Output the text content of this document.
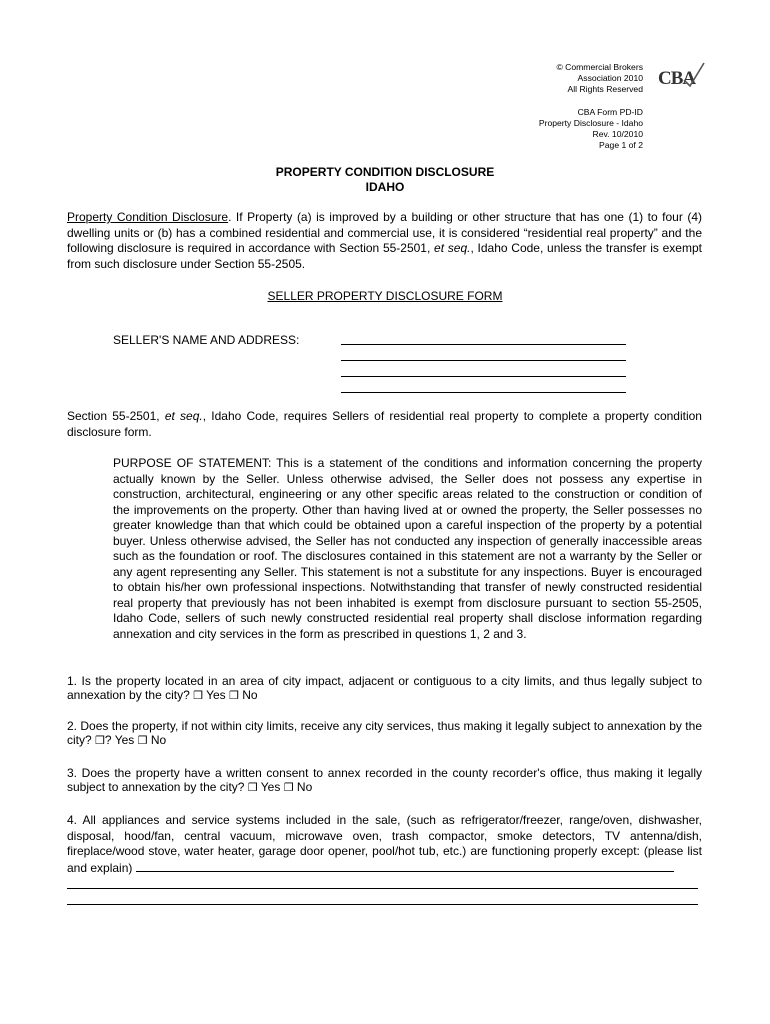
© Commercial Brokers
Association 2010
All Rights Reserved CBA
CBA Form PD-ID
Property Disclosure - Idaho
Rev. 10/2010
Page 1 of 2
PROPERTY CONDITION DISCLOSURE
IDAHO
Property Condition Disclosure. If Property (a) is improved by a building or other structure that has one (1) to four (4) dwelling units or (b) has a combined residential and commercial use, it is considered “residential real property” and the following disclosure is required in accordance with Section 55-2501, et seq., Idaho Code, unless the transfer is exempt from such disclosure under Section 55-2505.
SELLER PROPERTY DISCLOSURE FORM
SELLER'S NAME AND ADDRESS:
Section 55-2501, et seq., Idaho Code, requires Sellers of residential real property to complete a property condition disclosure form.
PURPOSE OF STATEMENT: This is a statement of the conditions and information concerning the property actually known by the Seller. Unless otherwise advised, the Seller does not possess any expertise in construction, architectural, engineering or any other specific areas related to the construction or condition of the improvements on the property. Other than having lived at or owned the property, the Seller possesses no greater knowledge than that which could be obtained upon a careful inspection of the property by a potential buyer. Unless otherwise advised, the Seller has not conducted any inspection of generally inaccessible areas such as the foundation or roof. The disclosures contained in this statement are not a warranty by the Seller or any agent representing any Seller. This statement is not a substitute for any inspections. Buyer is encouraged to obtain his/her own professional inspections. Notwithstanding that transfer of newly constructed residential real property that previously has not been inhabited is exempt from disclosure pursuant to section 55-2505, Idaho Code, sellers of such newly constructed residential real property shall disclose information regarding annexation and city services in the form as prescribed in questions 1, 2 and 3.
1. Is the property located in an area of city impact, adjacent or contiguous to a city limits, and thus legally subject to annexation by the city? ❒ Yes ❒ No
2. Does the property, if not within city limits, receive any city services, thus making it legally subject to annexation by the city? ❒? Yes ❒ No
3. Does the property have a written consent to annex recorded in the county recorder's office, thus making it legally subject to annexation by the city? ❒ Yes ❒ No
4. All appliances and service systems included in the sale, (such as refrigerator/freezer, range/oven, dishwasher, disposal, hood/fan, central vacuum, microwave oven, trash compactor, smoke detectors, TV antenna/dish, fireplace/wood stove, water heater, garage door opener, pool/hot tub, etc.) are functioning properly except: (please list and explain)
